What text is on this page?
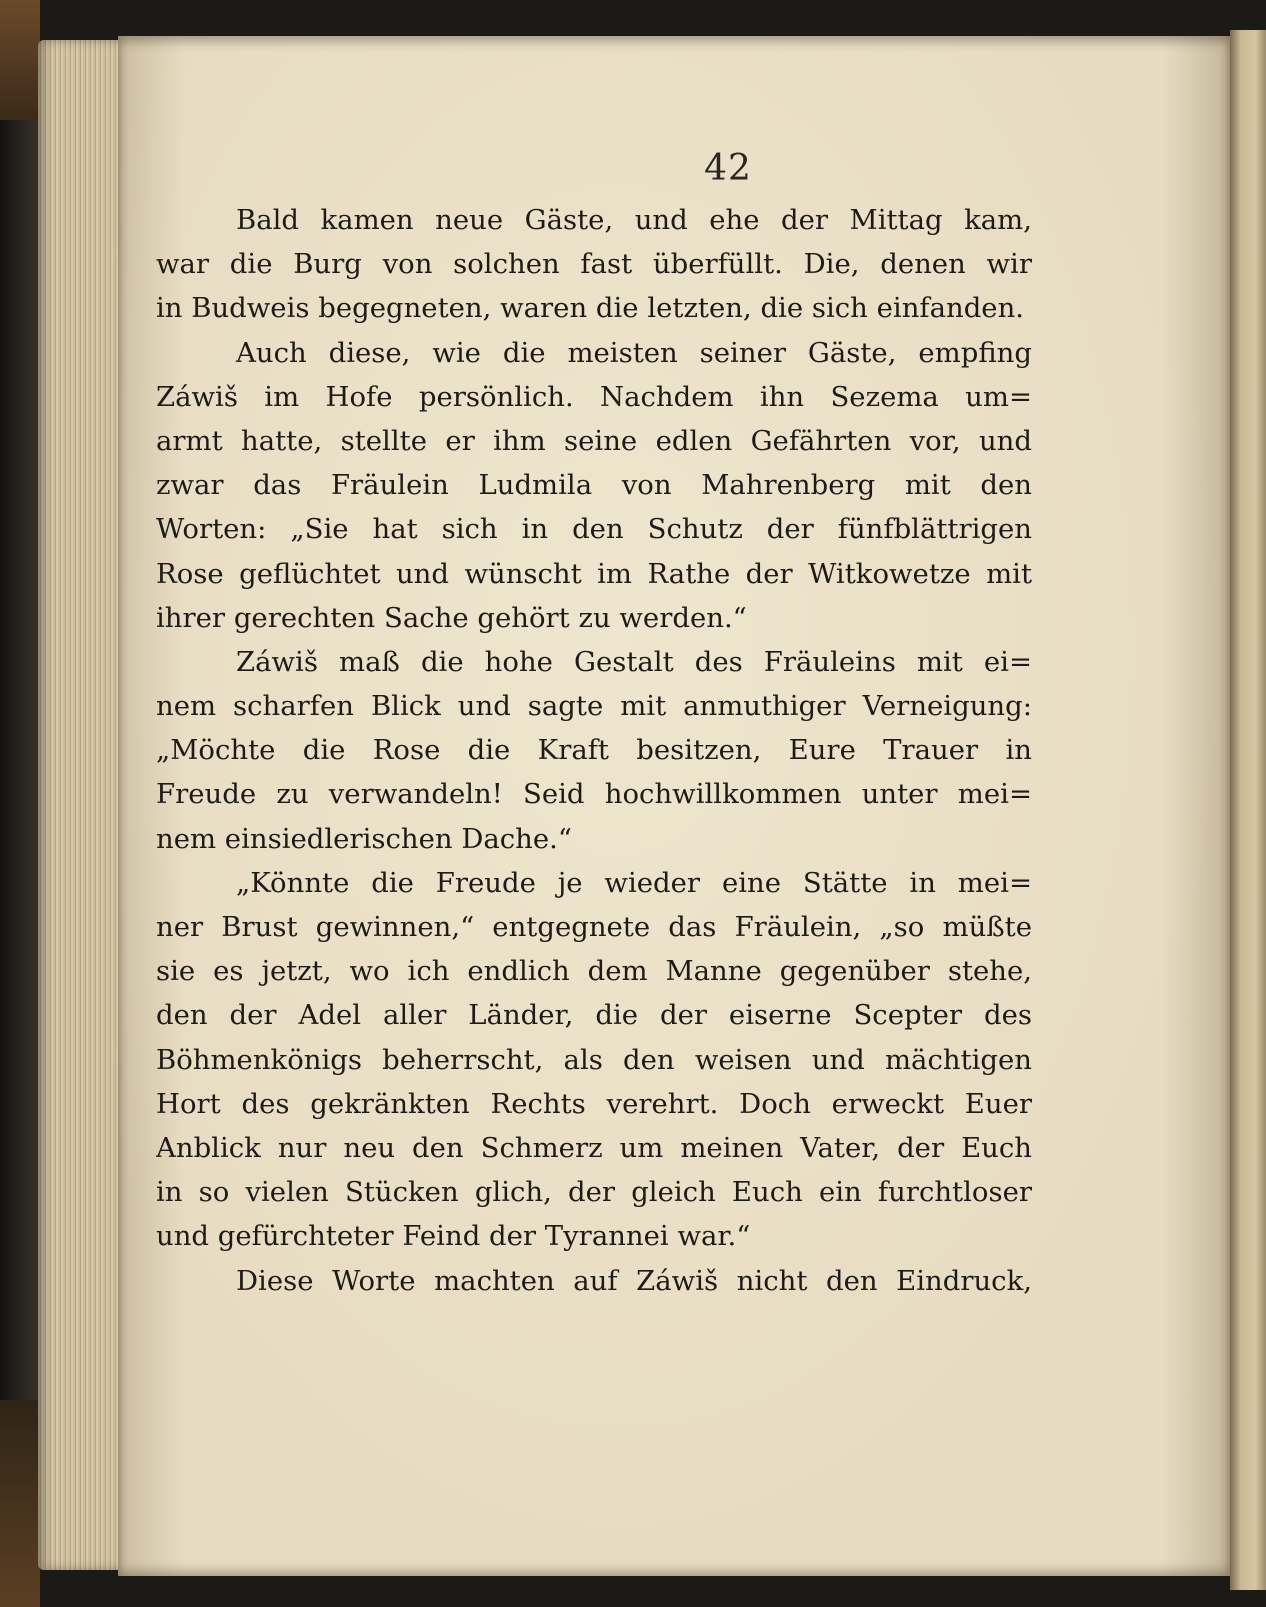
42
Bald kamen neue Gäste, und ehe der Mittag kam,
war die Burg von solchen fast überfüllt. Die, denen wir
in Budweis begegneten, waren die letzten, die sich einfanden.
Auch diese, wie die meisten seiner Gäste, empfing
Záwiš im Hofe persönlich. Nachdem ihn Sezema um=
armt hatte, stellte er ihm seine edlen Gefährten vor, und
zwar das Fräulein Ludmila von Mahrenberg mit den
Worten: „Sie hat sich in den Schutz der fünfblättrigen
Rose geflüchtet und wünscht im Rathe der Witkowetze mit
ihrer gerechten Sache gehört zu werden.“
Záwiš maß die hohe Gestalt des Fräuleins mit ei=
nem scharfen Blick und sagte mit anmuthiger Verneigung:
„Möchte die Rose die Kraft besitzen, Eure Trauer in
Freude zu verwandeln! Seid hochwillkommen unter mei=
nem einsiedlerischen Dache.“
„Könnte die Freude je wieder eine Stätte in mei=
ner Brust gewinnen,“ entgegnete das Fräulein, „so müßte
sie es jetzt, wo ich endlich dem Manne gegenüber stehe,
den der Adel aller Länder, die der eiserne Scepter des
Böhmenkönigs beherrscht, als den weisen und mächtigen
Hort des gekränkten Rechts verehrt. Doch erweckt Euer
Anblick nur neu den Schmerz um meinen Vater, der Euch
in so vielen Stücken glich, der gleich Euch ein furchtloser
und gefürchteter Feind der Tyrannei war.“
Diese Worte machten auf Záwiš nicht den Eindruck,
